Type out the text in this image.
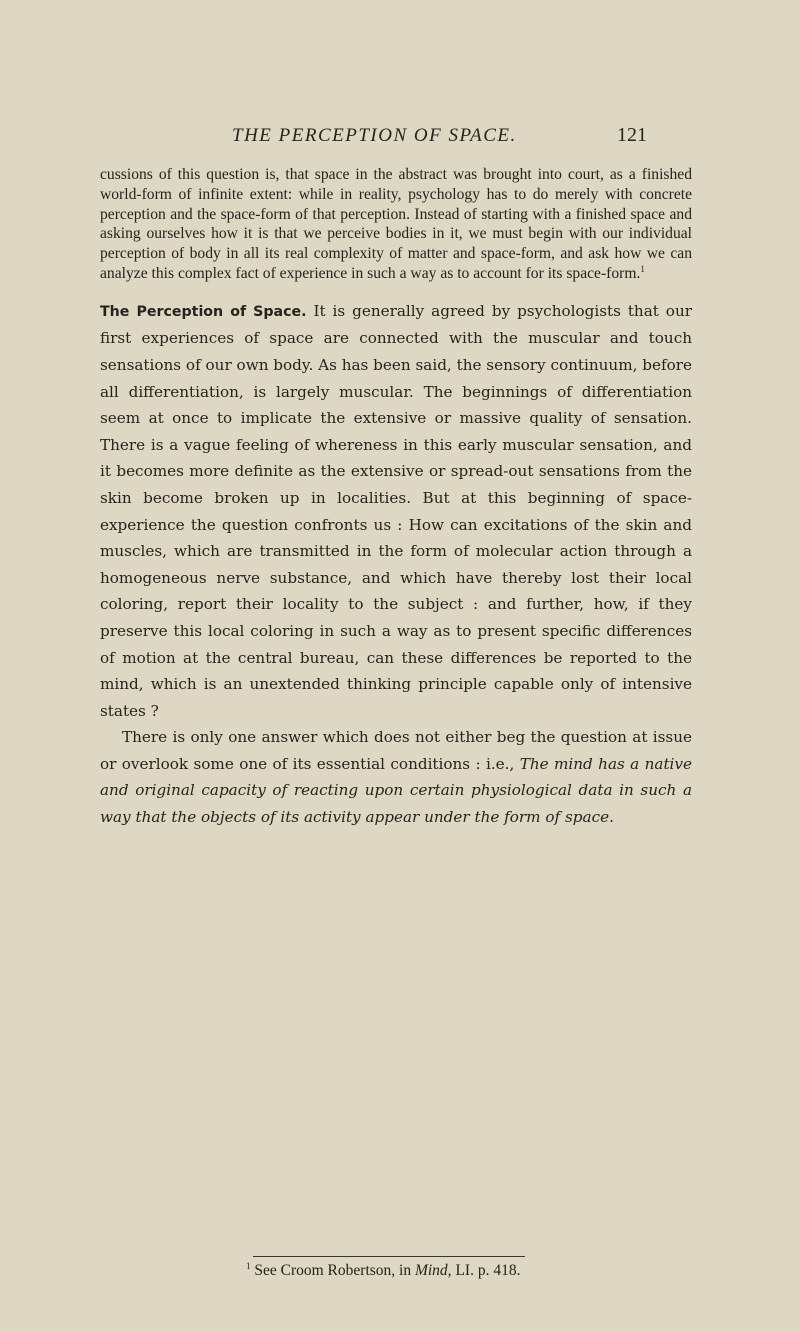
THE PERCEPTION OF SPACE.	121

cussions of this question is, that space in the abstract was brought into court, as a finished world-form of infinite extent: while in reality, psychology has to do merely with concrete perception and the space-form of that perception. Instead of starting with a finished space and asking ourselves how it is that we perceive bodies in it, we must begin with our individual perception of body in all its real complexity of matter and space-form, and ask how we can analyze this complex fact of experience in such a way as to account for its space-form.$^1$

The Perception of Space. It is generally agreed by psychologists that our first experiences of space are connected with the muscular and touch sensations of our own body. As has been said, the sensory continuum, before all differentiation, is largely muscular. The beginnings of differentiation seem at once to implicate the extensive or massive quality of sensation. There is a vague feeling of whereness in this early muscular sensation, and it becomes more definite as the extensive or spread-out sensations from the skin become broken up in localities. But at this beginning of space-experience the question confronts us : How can excitations of the skin and muscles, which are transmitted in the form of molecular action through a homogeneous nerve substance, and which have thereby lost their local coloring, report their locality to the subject : and further, how, if they preserve this local coloring in such a way as to present specific differences of motion at the central bureau, can these differences be reported to the mind, which is an unextended thinking principle capable only of intensive states ?

There is only one answer which does not either beg the question at issue or overlook some one of its essential conditions : i.e., The mind has a native and original capacity of reacting upon certain physiological data in such a way that the objects of its activity appear under the form of space.

$^1$ See Croom Robertson, in Mind, LI. p. 418.
